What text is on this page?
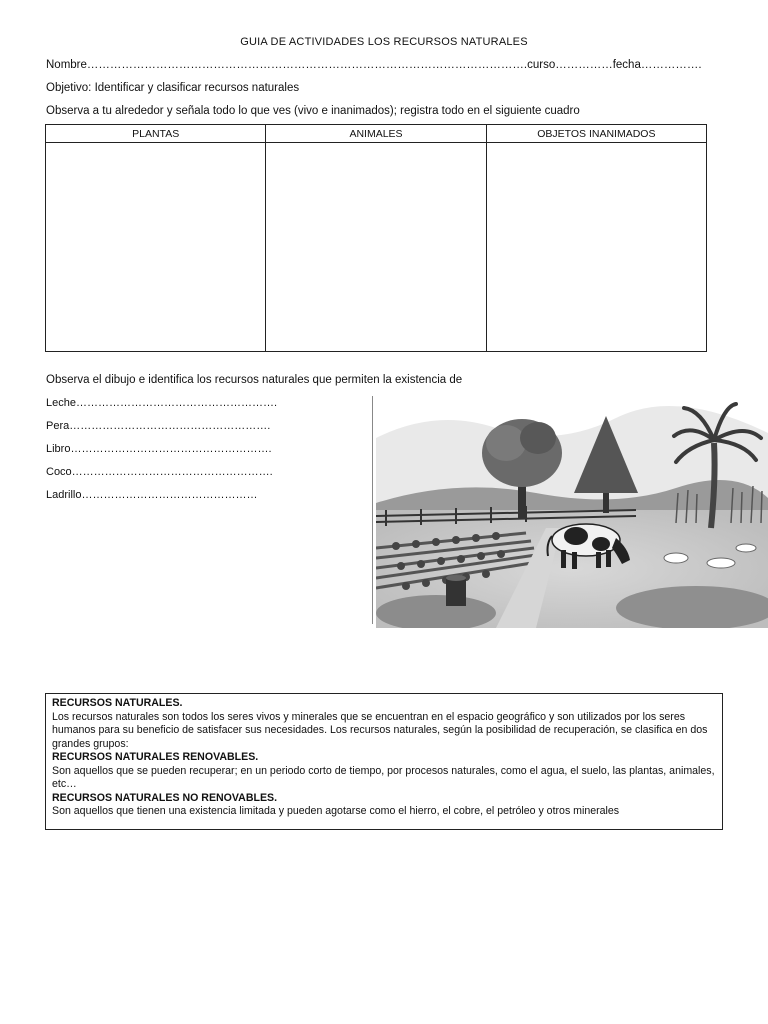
GUIA DE ACTIVIDADES LOS RECURSOS NATURALES
Nombre…………………………………………………………………………………………………….curso……………fecha…………….
Objetivo: Identificar y clasificar recursos naturales
Observa a tu alrededor y señala todo lo que ves (vivo e inanimados); registra todo en el siguiente cuadro
PLANTAS	ANIMALES	OBJETOS INANIMADOS

Observa el dibujo e identifica los recursos naturales que permiten la existencia de
Leche……………………………………………….
Pera……………………………………………….
Libro……………………………………………….
Coco……………………………………………….
Ladrillo…………………………………………
RECURSOS NATURALES.
Los recursos naturales son todos los seres vivos y minerales que se encuentran en el espacio geográfico y son utilizados por los seres humanos para su beneficio de satisfacer sus necesidades. Los recursos naturales, según la posibilidad de recuperación, se clasifica en dos grandes grupos:
RECURSOS NATURALES RENOVABLES.
Son aquellos que se pueden recuperar; en un periodo corto de tiempo, por procesos naturales, como el agua, el suelo, las plantas, animales, etc…
RECURSOS NATURALES NO RENOVABLES.
Son aquellos que tienen una existencia limitada y pueden agotarse como el hierro, el cobre, el petróleo y otros minerales
